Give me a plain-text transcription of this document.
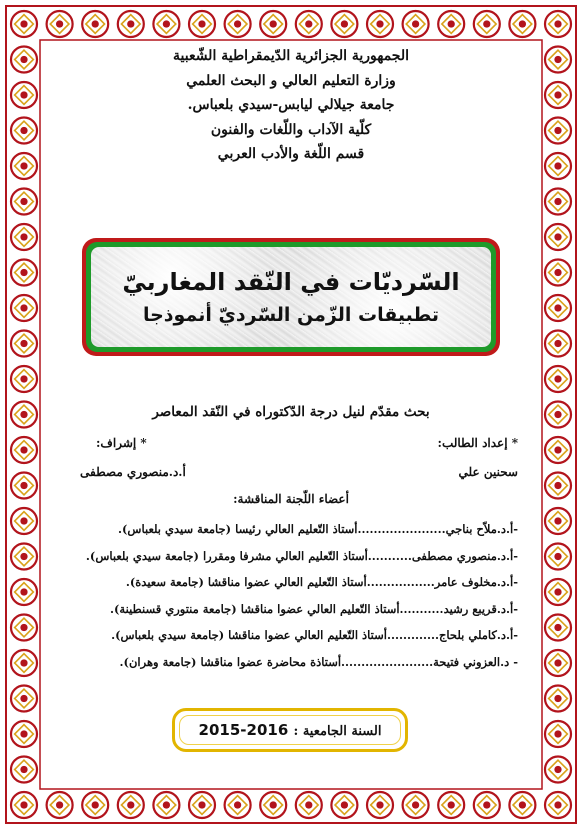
الجمهورية الجزائرية الدّيمقراطية الشّعبية
وزارة التعليم العالي و البحث العلمي
جامعة جيلالي ليابس-سيدي بلعباس.
كلّية الآداب واللّغات والفنون
قسم اللّغة والأدب العربي
السّرديّات في النّقد المغاربيّ
تطبيقات الزّمن السّرديّ أنموذجا
بحث مقدّم لنيل درجة الدّكتوراه في النّقد المعاصر
* إعداد الطالب:
* إشراف:
سحنين علي
أ.د.منصوري مصطفى
أعضاء اللّجنة المناقشة:
-أ.د.ملاّح بناجي......................أستاذ التّعليم العالي رئيسا (جامعة سيدي بلعباس).
-أ.د.منصوري مصطفى...........أستاذ التّعليم العالي مشرفا ومقررا (جامعة سيدي بلعباس).
-أ.د.مخلوف عامر.................أستاذ التّعليم العالي عضوا مناقشا (جامعة سعيدة).
-أ.د.قريبع رشيد...........أستاذ التّعليم العالي عضوا مناقشا (جامعة منتوري قسنطينة).
-أ.د.كاملي بلحاج.............أستاذ التّعليم العالي عضوا مناقشا (جامعة سيدي بلعباس).
- د.العزوني فتيحة.......................أستاذة محاضرة عضوا مناقشا (جامعة وهران).
السنة الجامعية : 2015-2016
